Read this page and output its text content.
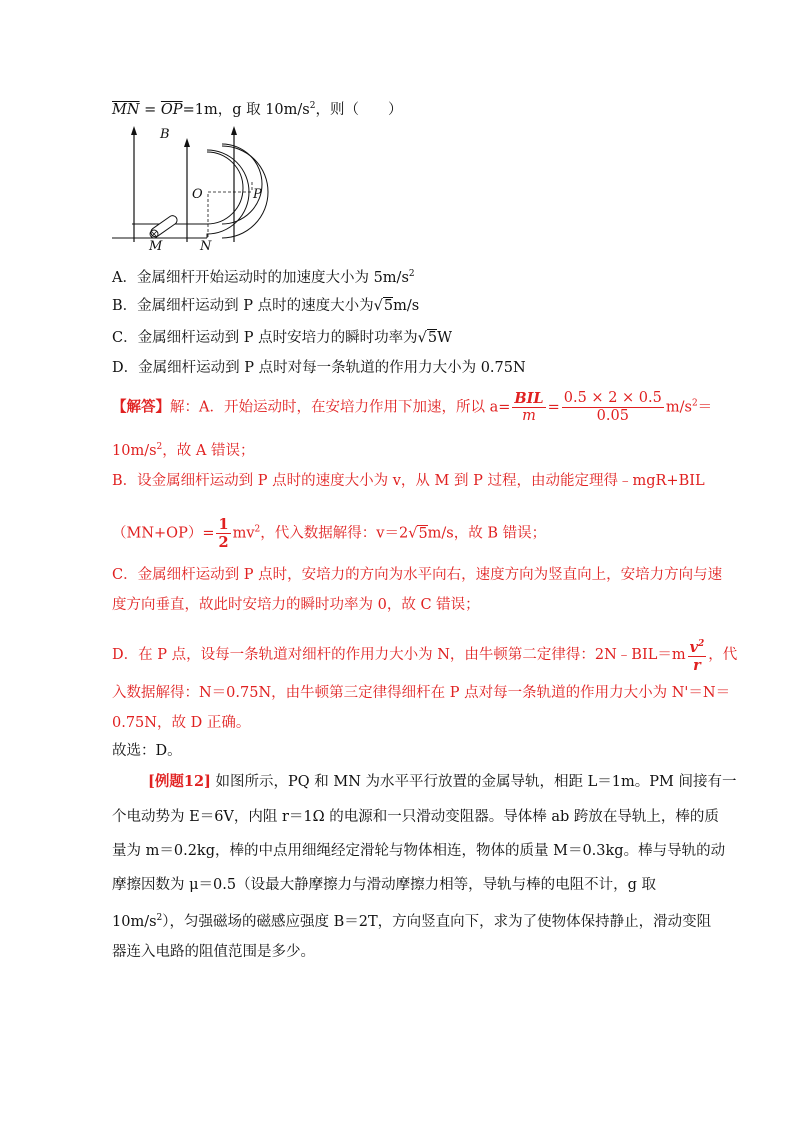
$\overline{MN} = \overline{OP}=1m$，g 取 $10m/s^2$，则（　　）
B
O	P
M	N
A．金属细杆开始运动时的加速度大小为 $5m/s^2$
B．金属细杆运动到 P 点时的速度大小为√5m/s
C．金属细杆运动到 P 点时安培力的瞬时功率为√5W
D．金属细杆运动到 P 点时对每一条轨道的作用力大小为 0.75N
【解答】解：A．开始运动时，在安培力作用下加速，所以 $a= \frac{\text{BIL}}{m} = \frac{0.5 \times 2 \times 0.5}{0.05} m/s^2=$
$10m/s^2$，故 A 错误；
B．设金属细杆运动到 P 点时的速度大小为 v，从 M 到 P 过程，由动能定理得﹣mgR+BIL
$(MN+OP)= \frac{1}{2} mv^2$，代入数据解得：v＝2√5m/s，故 B 错误；
C．金属细杆运动到 P 点时，安培力的方向为水平向右，速度方向为竖直向上，安培力方向与速
度方向垂直，故此时安培力的瞬时功率为 0，故 C 错误；
D．在 P 点，设每一条轨道对细杆的作用力大小为 N，由牛顿第二定律得：2N﹣BIL＝m $\frac{v^2}{r}$ ，代
入数据解得：N＝0.75N，由牛顿第三定律得细杆在 P 点对每一条轨道的作用力大小为 N'＝N＝
0.75N，故 D 正确。
故选：D。
[例题12] 如图所示，PQ 和 MN 为水平平行放置的金属导轨，相距 L＝1m。PM 间接有一
个电动势为 E＝6V，内阻 r＝1Ω 的电源和一只滑动变阻器。导体棒 ab 跨放在导轨上，棒的质
量为 m＝0.2kg，棒的中点用细绳经定滑轮与物体相连，物体的质量 M＝0.3kg。棒与导轨的动
摩擦因数为 μ＝0.5（设最大静摩擦力与滑动摩擦力相等，导轨与棒的电阻不计，g 取
$10m/s^2$），匀强磁场的磁感应强度 B＝2T，方向竖直向下，求为了使物体保持静止，滑动变阻
器连入电路的阻值范围是多少。
